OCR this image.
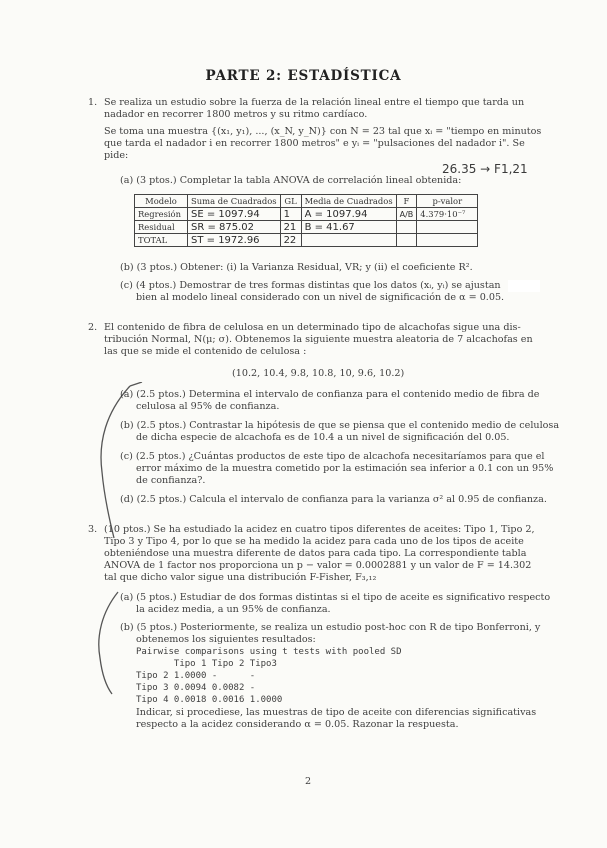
PARTE 2: ESTADÍSTICA
1. Se realiza un estudio sobre la fuerza de la relación lineal entre el tiempo que tarda un
nadador en recorrer 1800 metros y su ritmo cardíaco.
Se toma una muestra {(x₁, y₁), ..., (x_N, y_N)} con N = 23 tal que xᵢ = "tiempo en minutos
que tarda el nadador i en recorrer 1800 metros" e yᵢ = "pulsaciones del nadador i". Se
pide:
(a) (3 ptos.) Completar la tabla ANOVA de correlación lineal obtenida:
26.35 → F1,21
Modelo	Suma de Cuadrados	GL	Media de Cuadrados	F	p-valor
Regresión	SE = 1097.94	1	A = 1097.94	A/B	4.379·10⁻⁷
Residual	SR = 875.02	21	B = 41.67		
TOTAL	ST = 1972.96	22			
(b) (3 ptos.) Obtener: (i) la Varianza Residual, VR; y (ii) el coeficiente R².
(c) (4 ptos.) Demostrar de tres formas distintas que los datos (xᵢ, yᵢ) se ajustan
bien al modelo lineal considerado con un nivel de significación de α = 0.05.
2. El contenido de fibra de celulosa en un determinado tipo de alcachofas sigue una dis-
tribución Normal, N(μ; σ). Obtenemos la siguiente muestra aleatoria de 7 alcachofas en
las que se mide el contenido de celulosa :
(10.2, 10.4, 9.8, 10.8, 10, 9.6, 10.2)
(a) (2.5 ptos.) Determina el intervalo de confianza para el contenido medio de fibra de
celulosa al 95% de confianza.
(b) (2.5 ptos.) Contrastar la hipótesis de que se piensa que el contenido medio de celulosa
de dicha especie de alcachofa es de 10.4 a un nivel de significación del 0.05.
(c) (2.5 ptos.) ¿Cuántas productos de este tipo de alcachofa necesitaríamos para que el
error máximo de la muestra cometido por la estimación sea inferior a 0.1 con un 95%
de confianza?.
(d) (2.5 ptos.) Calcula el intervalo de confianza para la varianza σ² al 0.95 de confianza.
3. (10 ptos.) Se ha estudiado la acidez en cuatro tipos diferentes de aceites: Tipo 1, Tipo 2,
Tipo 3 y Tipo 4, por lo que se ha medido la acidez para cada uno de los tipos de aceite
obteniéndose una muestra diferente de datos para cada tipo. La correspondiente tabla
ANOVA de 1 factor nos proporciona un p − valor = 0.0002881 y un valor de F = 14.302
tal que dicho valor sigue una distribución F-Fisher, F₃,₁₂
(a) (5 ptos.) Estudiar de dos formas distintas si el tipo de aceite es significativo respecto
la acidez media, a un 95% de confianza.
(b) (5 ptos.) Posteriormente, se realiza un estudio post-hoc con R de tipo Bonferroni, y
obtenemos los siguientes resultados:
Pairwise comparisons using t tests with pooled SD
Tipo 1 Tipo 2 Tipo3
Tipo 2 1.0000 -      -
Tipo 3 0.0094 0.0082 -
Tipo 4 0.0018 0.0016 1.0000
Indicar, si procediese, las muestras de tipo de aceite con diferencias significativas
respecto a la acidez considerando α = 0.05. Razonar la respuesta.
2
